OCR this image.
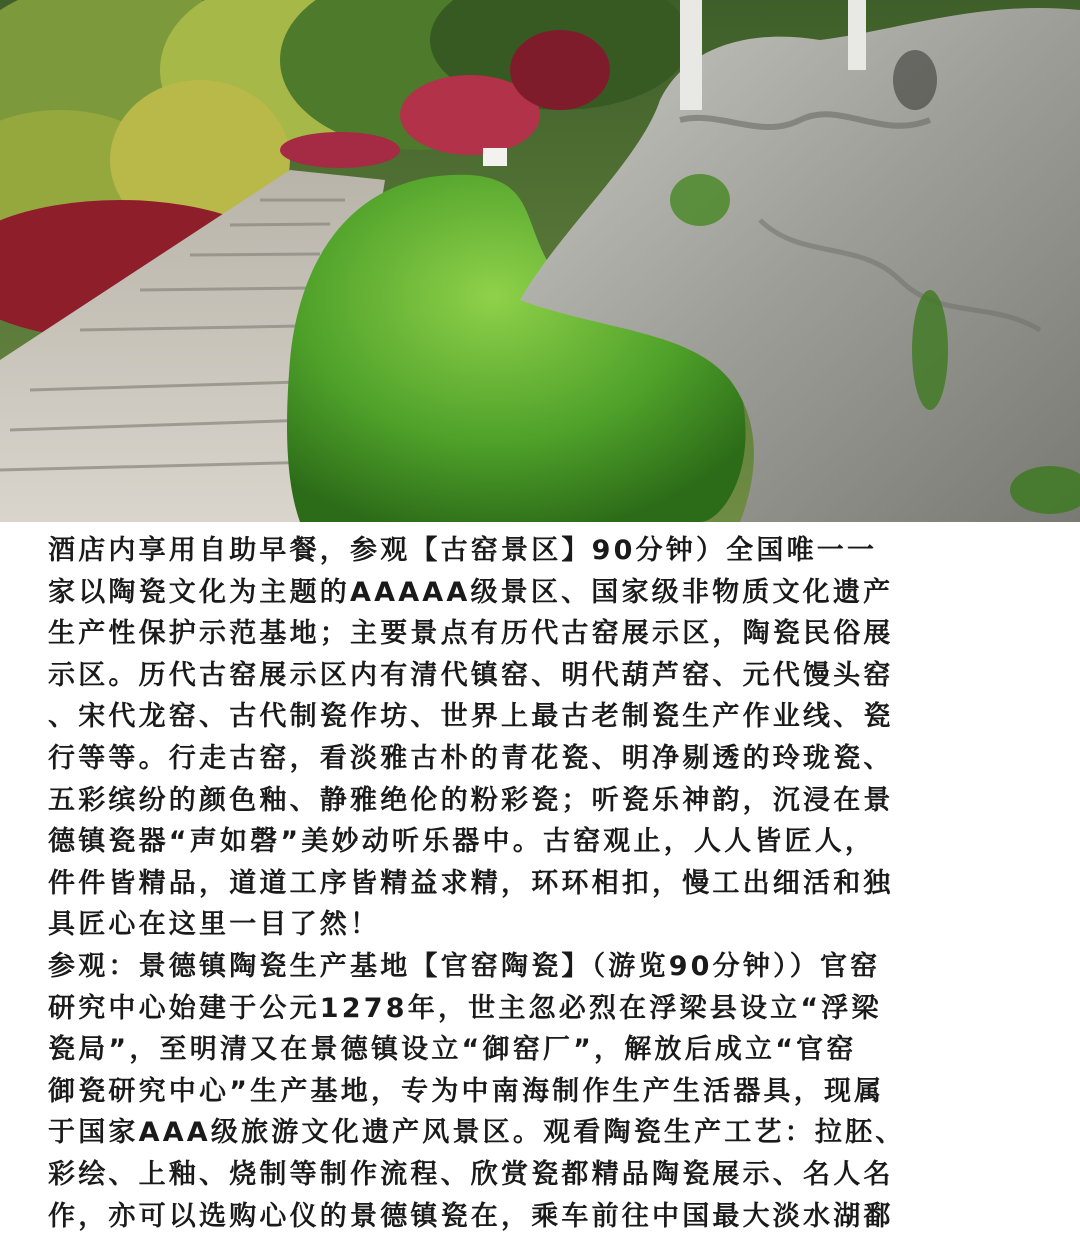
酒店内享用自助早餐，参观【古窑景区】90分钟）全国唯一一
家以陶瓷文化为主题的AAAAA级景区、国家级非物质文化遗产
生产性保护示范基地；主要景点有历代古窑展示区，陶瓷民俗展
示区。历代古窑展示区内有清代镇窑、明代葫芦窑、元代馒头窑
、宋代龙窑、古代制瓷作坊、世界上最古老制瓷生产作业线、瓷
行等等。行走古窑，看淡雅古朴的青花瓷、明净剔透的玲珑瓷、
五彩缤纷的颜色釉、静雅绝伦的粉彩瓷；听瓷乐神韵，沉浸在景
德镇瓷器“声如磬”美妙动听乐器中。古窑观止，人人皆匠人，
件件皆精品，道道工序皆精益求精，环环相扣，慢工出细活和独
具匠心在这里一目了然！
参观：景德镇陶瓷生产基地【官窑陶瓷】（游览90分钟））官窑
研究中心始建于公元1278年，世主忽必烈在浮梁县设立“浮梁
瓷局”，至明清又在景德镇设立“御窑厂”，解放后成立“官窑
御瓷研究中心”生产基地，专为中南海制作生产生活器具，现属
于国家AAA级旅游文化遗产风景区。观看陶瓷生产工艺：拉胚、
彩绘、上釉、烧制等制作流程、欣赏瓷都精品陶瓷展示、名人名
作，亦可以选购心仪的景德镇瓷在，乘车前往中国最大淡水湖鄱
